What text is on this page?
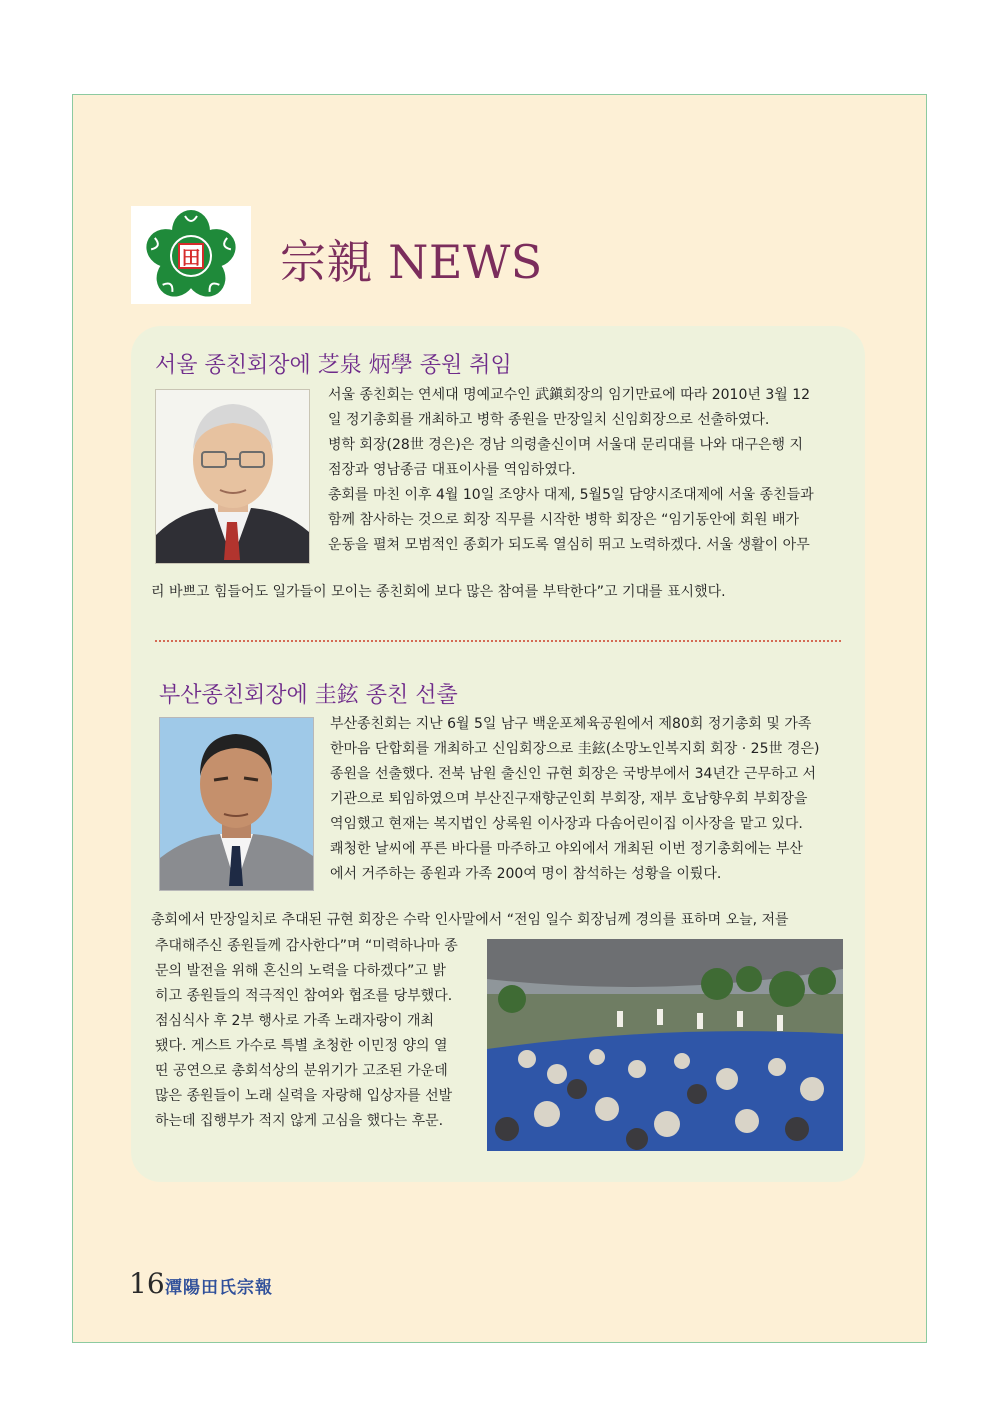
田 宗親 NEWS
서울 종친회장에 芝泉 炳學 종원 취임

서울 종친회는 연세대 명예교수인 武鎭회장의 임기만료에 따라 2010년 3월 12

일 정기총회를 개최하고 병학 종원을 만장일치 신임회장으로 선출하였다.

병학 회장(28世 경은)은 경남 의령출신이며 서울대 문리대를 나와 대구은행 지

점장과 영남종금 대표이사를 역임하였다.

총회를 마친 이후 4월 10일 조양사 대제, 5월5일 담양시조대제에 서울 종친들과

함께 참사하는 것으로 회장 직무를 시작한 병학 회장은 “임기동안에 회원 배가

운동을 펼쳐 모범적인 종회가 되도록 열심히 뛰고 노력하겠다. 서울 생활이 아무

리 바쁘고 힘들어도 일가들이 모이는 종친회에 보다 많은 참여를 부탁한다”고 기대를 표시했다.

부산종친회장에 圭鉉 종친 선출

부산종친회는 지난 6월 5일 남구 백운포체육공원에서 제80회 정기총회 및 가족

한마음 단합회를 개최하고 신임회장으로 圭鉉(소망노인복지회 회장 · 25世 경은)

종원을 선출했다. 전북 남원 출신인 규현 회장은 국방부에서 34년간 근무하고 서

기관으로 퇴임하였으며 부산진구재향군인회 부회장, 재부 호남향우회 부회장을

역임했고 현재는 복지법인 상록원 이사장과 다솜어린이집 이사장을 맡고 있다.

쾌청한 날씨에 푸른 바다를 마주하고 야외에서 개최된 이번 정기총회에는 부산

에서 거주하는 종원과 가족 200여 명이 참석하는 성황을 이뤘다.

총회에서 만장일치로 추대된 규현 회장은 수락 인사말에서 “전임 일수 회장님께 경의를 표하며 오늘, 저를

추대해주신 종원들께 감사한다”며 “미력하나마 종

문의 발전을 위해 혼신의 노력을 다하겠다”고 밝

히고 종원들의 적극적인 참여와 협조를 당부했다.

점심식사 후 2부 행사로 가족 노래자랑이 개최

됐다. 게스트 가수로 특별 초청한 이민정 양의 열

띤 공연으로 총회석상의 분위기가 고조된 가운데

많은 종원들이 노래 실력을 자랑해 입상자를 선발

하는데 집행부가 적지 않게 고심을 했다는 후문.

16 潭陽田氏宗報
